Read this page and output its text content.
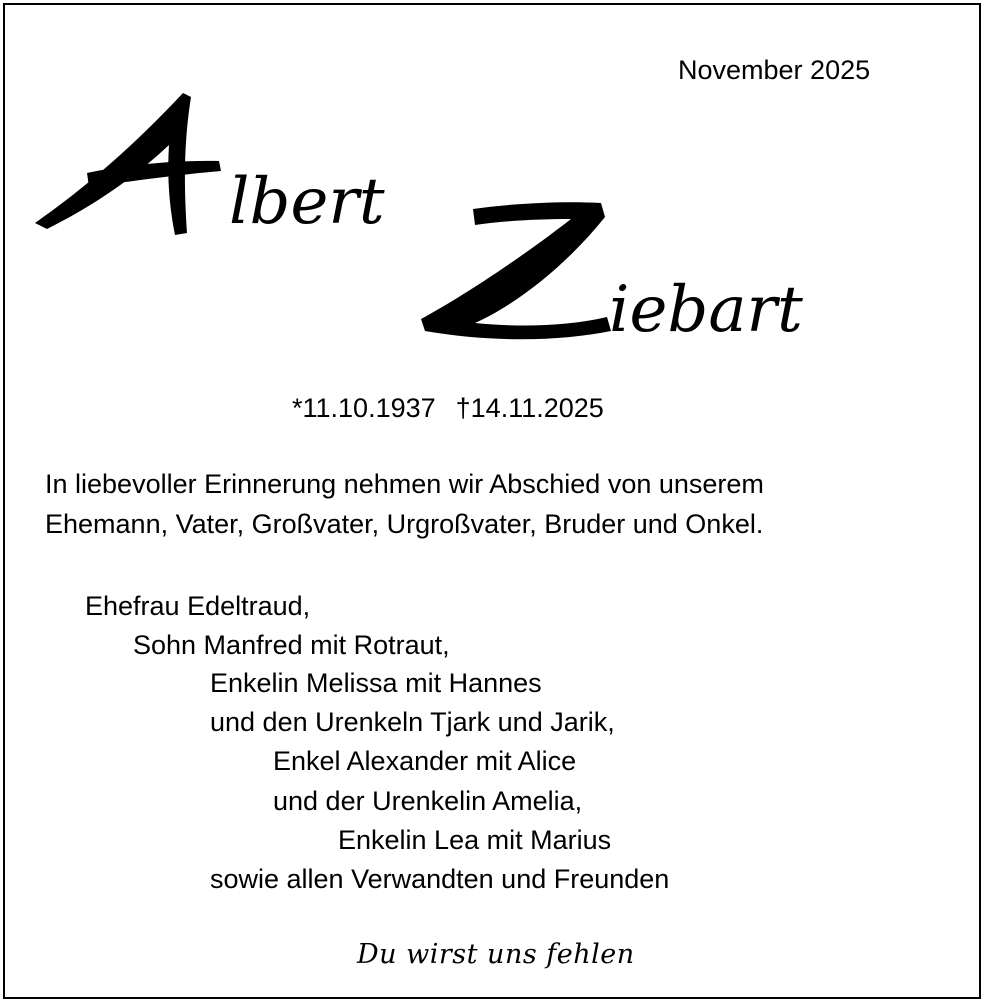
November 2025
lbert
iebart
*11.10.1937 †14.11.2025
In liebevoller Erinnerung nehmen wir Abschied von unserem
Ehemann, Vater, Großvater, Urgroßvater, Bruder und Onkel.
Ehefrau Edeltraud,
Sohn Manfred mit Rotraut,
Enkelin Melissa mit Hannes
und den Urenkeln Tjark und Jarik,
Enkel Alexander mit Alice
und der Urenkelin Amelia,
Enkelin Lea mit Marius
sowie allen Verwandten und Freunden
Du wirst uns fehlen
